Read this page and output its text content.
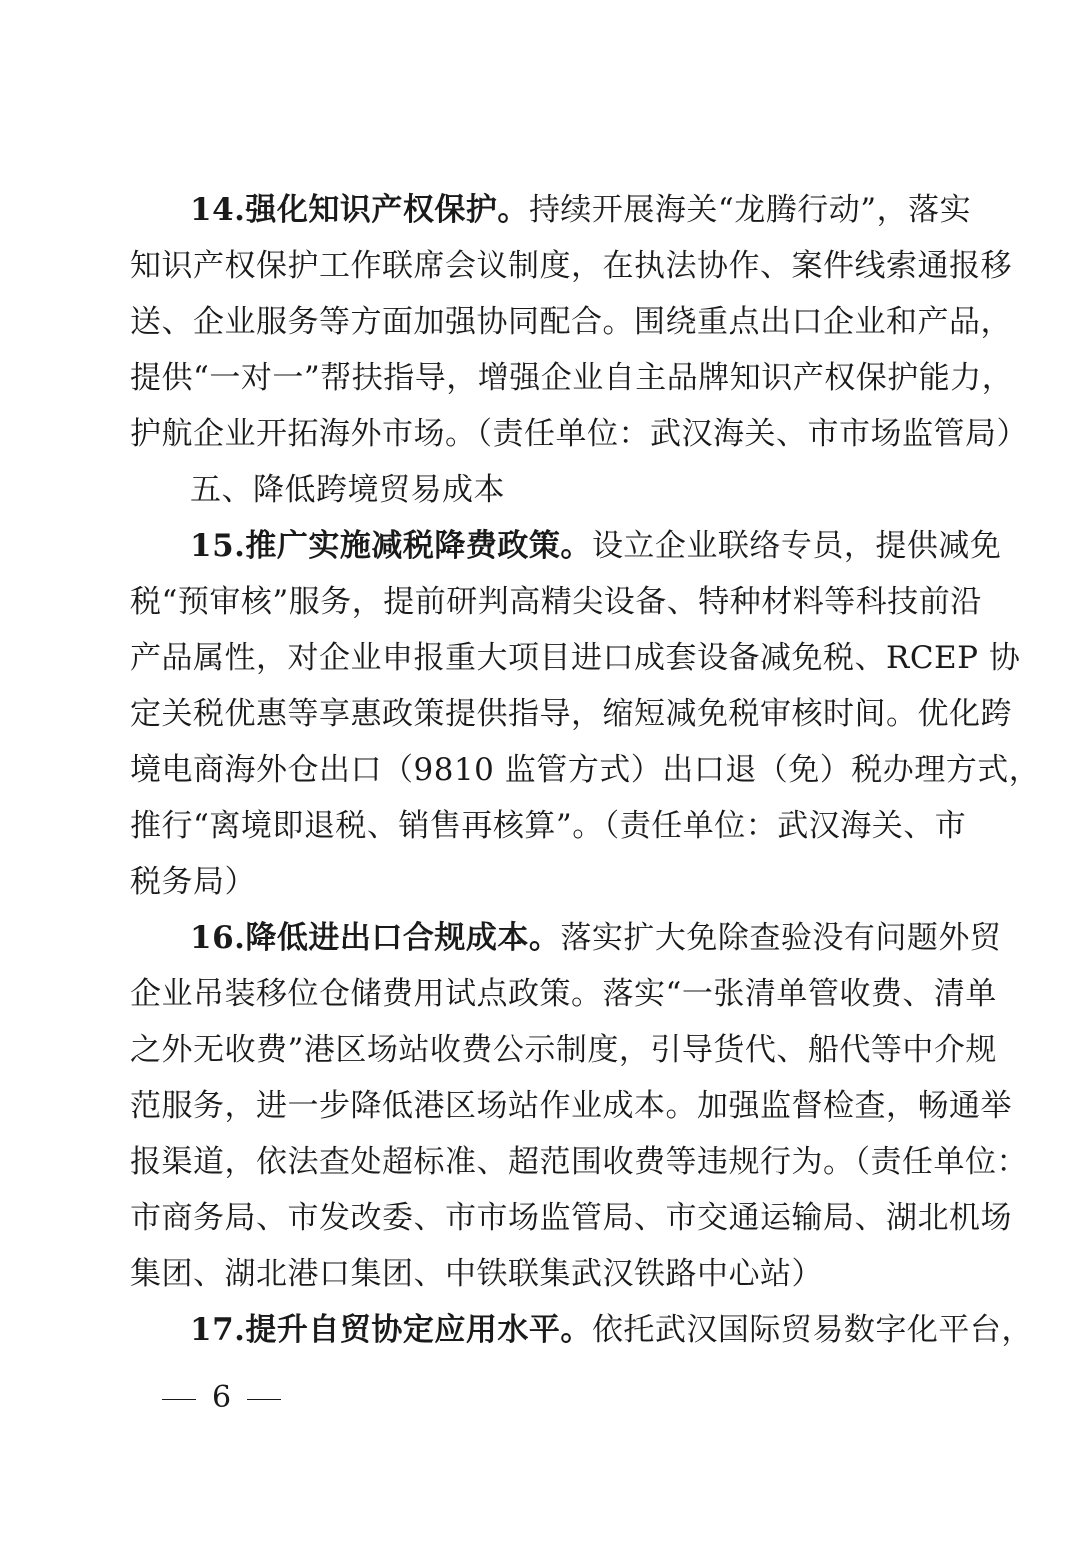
14.强化知识产权保护。持续开展海关“龙腾行动”，落实
知识产权保护工作联席会议制度，在执法协作、案件线索通报移
送、企业服务等方面加强协同配合。围绕重点出口企业和产品，
提供“一对一”帮扶指导，增强企业自主品牌知识产权保护能力，
护航企业开拓海外市场。（责任单位：武汉海关、市市场监管局）
五、降低跨境贸易成本
15.推广实施减税降费政策。设立企业联络专员，提供减免
税“预审核”服务，提前研判高精尖设备、特种材料等科技前沿
产品属性，对企业申报重大项目进口成套设备减免税、RCEP 协
定关税优惠等享惠政策提供指导，缩短减免税审核时间。优化跨
境电商海外仓出口（9810 监管方式）出口退（免）税办理方式，
推行“离境即退税、销售再核算”。（责任单位：武汉海关、市
税务局）
16.降低进出口合规成本。落实扩大免除查验没有问题外贸
企业吊装移位仓储费用试点政策。落实“一张清单管收费、清单
之外无收费”港区场站收费公示制度，引导货代、船代等中介规
范服务，进一步降低港区场站作业成本。加强监督检查，畅通举
报渠道，依法查处超标准、超范围收费等违规行为。（责任单位：
市商务局、市发改委、市市场监管局、市交通运输局、湖北机场
集团、湖北港口集团、中铁联集武汉铁路中心站）
17.提升自贸协定应用水平。依托武汉国际贸易数字化平台，
6
